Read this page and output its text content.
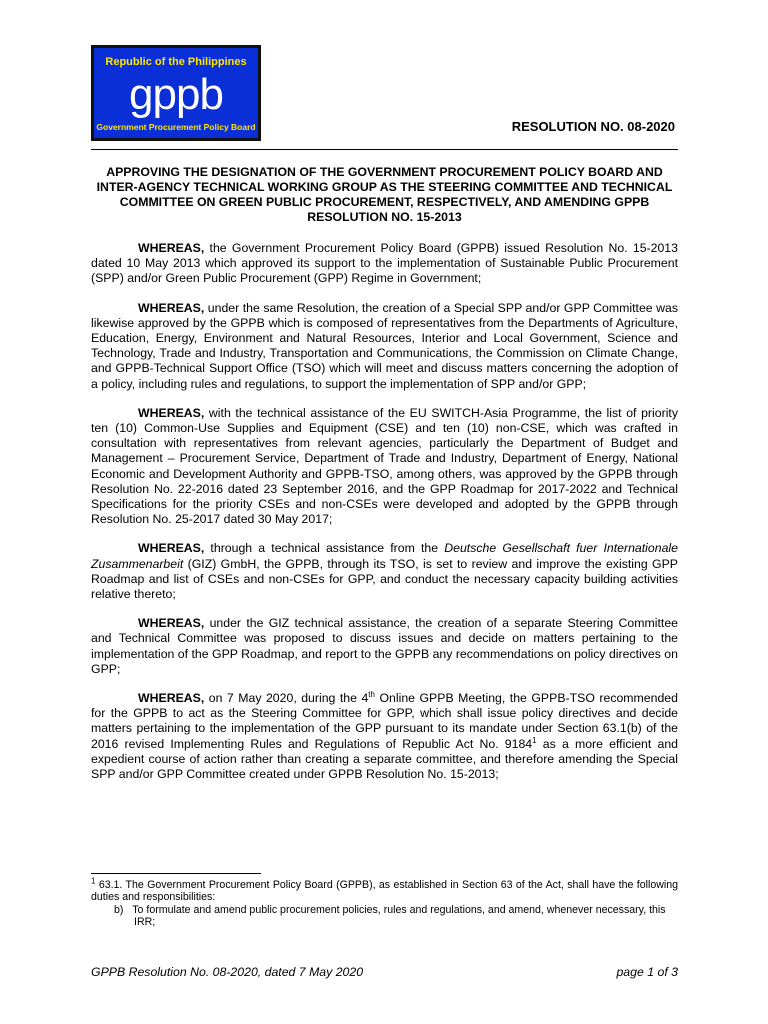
Republic of the Philippines
gppb
Government Procurement Policy Board	RESOLUTION NO. 08-2020
APPROVING THE DESIGNATION OF THE GOVERNMENT PROCUREMENT POLICY BOARD AND INTER-AGENCY TECHNICAL WORKING GROUP AS THE STEERING COMMITTEE AND TECHNICAL COMMITTEE ON GREEN PUBLIC PROCUREMENT, RESPECTIVELY, AND AMENDING GPPB RESOLUTION NO. 15-2013

WHEREAS, the Government Procurement Policy Board (GPPB) issued Resolution No. 15-2013 dated 10 May 2013 which approved its support to the implementation of Sustainable Public Procurement (SPP) and/or Green Public Procurement (GPP) Regime in Government;

WHEREAS, under the same Resolution, the creation of a Special SPP and/or GPP Committee was likewise approved by the GPPB which is composed of representatives from the Departments of Agriculture, Education, Energy, Environment and Natural Resources, Interior and Local Government, Science and Technology, Trade and Industry, Transportation and Communications, the Commission on Climate Change, and GPPB-Technical Support Office (TSO) which will meet and discuss matters concerning the adoption of a policy, including rules and regulations, to support the implementation of SPP and/or GPP;

WHEREAS, with the technical assistance of the EU SWITCH-Asia Programme, the list of priority ten (10) Common-Use Supplies and Equipment (CSE) and ten (10) non-CSE, which was crafted in consultation with representatives from relevant agencies, particularly the Department of Budget and Management – Procurement Service, Department of Trade and Industry, Department of Energy, National Economic and Development Authority and GPPB-TSO, among others, was approved by the GPPB through Resolution No. 22-2016 dated 23 September 2016, and the GPP Roadmap for 2017-2022 and Technical Specifications for the priority CSEs and non-CSEs were developed and adopted by the GPPB through Resolution No. 25-2017 dated 30 May 2017;

WHEREAS, through a technical assistance from the Deutsche Gesellschaft fuer Internationale Zusammenarbeit (GIZ) GmbH, the GPPB, through its TSO, is set to review and improve the existing GPP Roadmap and list of CSEs and non-CSEs for GPP, and conduct the necessary capacity building activities relative thereto;

WHEREAS, under the GIZ technical assistance, the creation of a separate Steering Committee and Technical Committee was proposed to discuss issues and decide on matters pertaining to the implementation of the GPP Roadmap, and report to the GPPB any recommendations on policy directives on GPP;

WHEREAS, on 7 May 2020, during the 4th Online GPPB Meeting, the GPPB-TSO recommended for the GPPB to act as the Steering Committee for GPP, which shall issue policy directives and decide matters pertaining to the implementation of the GPP pursuant to its mandate under Section 63.1(b) of the 2016 revised Implementing Rules and Regulations of Republic Act No. 9184$^1$ as a more efficient and expedient course of action rather than creating a separate committee, and therefore amending the Special SPP and/or GPP Committee created under GPPB Resolution No. 15-2013;

$^1$ 63.1. The Government Procurement Policy Board (GPPB), as established in Section 63 of the Act, shall have the following duties and responsibilities:

b)   To formulate and amend public procurement policies, rules and regulations, and amend, whenever necessary, this IRR;

GPPB Resolution No. 08-2020, dated 7 May 2020	page 1 of 3
